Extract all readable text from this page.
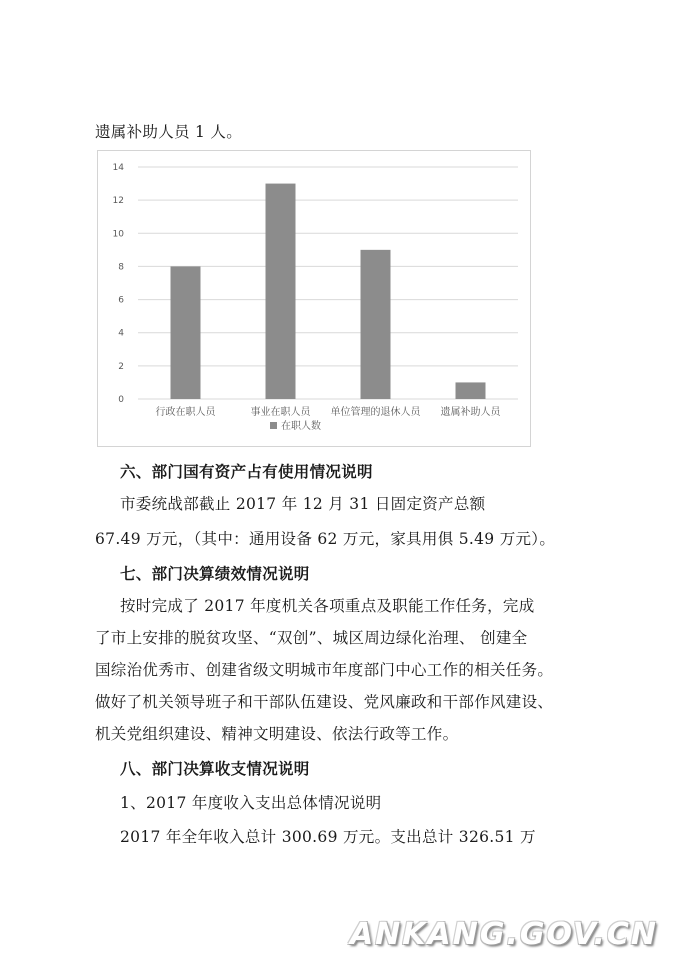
遗属补助人员 1 人。
0
2
4
6
8
10
12
14
行政在职人员	事业在职人员 单位管理的退休人员 遗属补助人员
在职人数
六、部门国有资产占有使用情况说明
市委统战部截止 2017 年 12 月 31 日固定资产总额
67.49 万元，（其中：通用设备 62 万元，家具用俱 5.49 万元）。
七、部门决算绩效情况说明
按时完成了 2017 年度机关各项重点及职能工作任务，完成
了市上安排的脱贫攻坚、“双创”、城区周边绿化治理、 创建全
国综治优秀市、创建省级文明城市年度部门中心工作的相关任务。
做好了机关领导班子和干部队伍建设、党风廉政和干部作风建设、
机关党组织建设、精神文明建设、依法行政等工作。
八、部门决算收支情况说明
1、2017 年度收入支出总体情况说明
2017 年全年收入总计 300.69 万元。支出总计 326.51 万
ANKANG.GOV.CN
